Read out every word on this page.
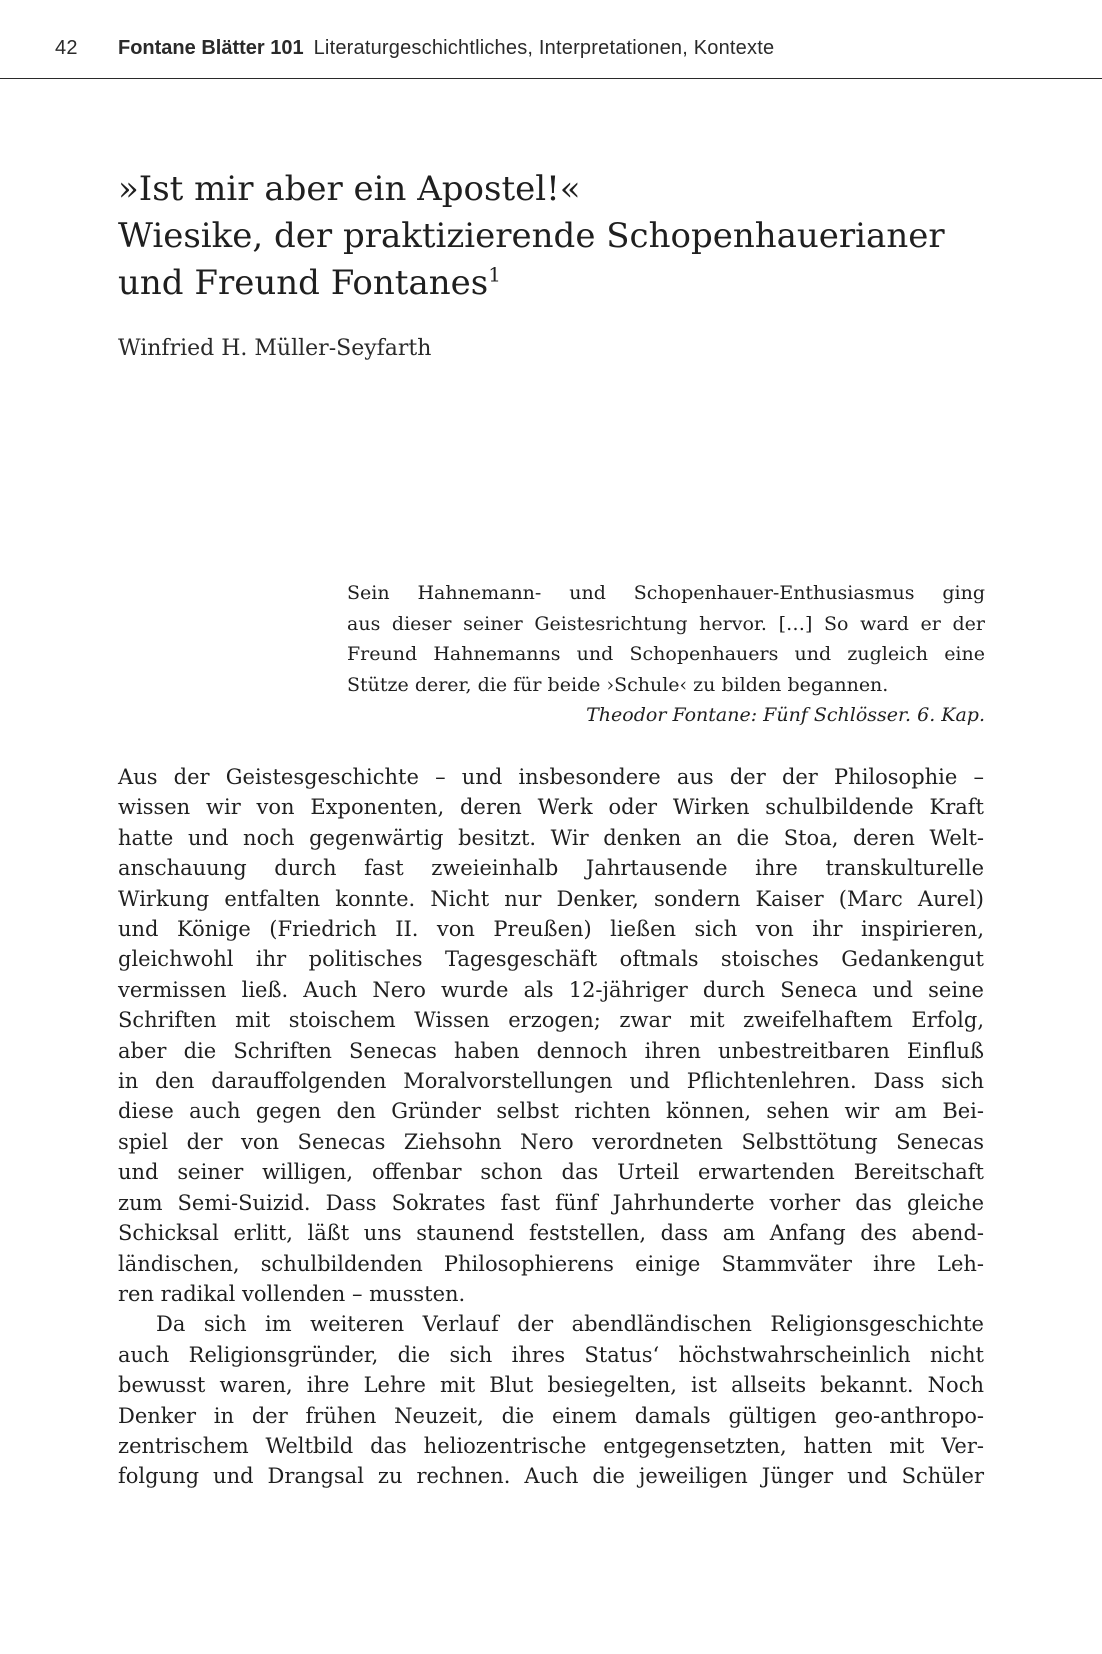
42 Fontane Blätter 101 Literaturgeschichtliches, Interpretationen, Kontexte
»Ist mir aber ein Apostel!«
Wiesike, der praktizierende Schopenhauerianer
und Freund Fontanes$^1$
Winfried H. Müller-Seyfarth
Sein Hahnemann- und Schopenhauer-Enthusiasmus ging
aus dieser seiner Geistesrichtung hervor. […] So ward er der
Freund Hahnemanns und Schopenhauers und zugleich eine
Stütze derer, die für beide ›Schule‹ zu bilden begannen.
Theodor Fontane: Fünf Schlösser. 6. Kap.
Aus der Geistesgeschichte – und insbesondere aus der der Philosophie –
wissen wir von Exponenten, deren Werk oder Wirken schulbildende Kraft
hatte und noch gegenwärtig besitzt. Wir denken an die Stoa, deren Welt-
anschauung durch fast zweieinhalb Jahrtausende ihre transkulturelle
Wirkung entfalten konnte. Nicht nur Denker, sondern Kaiser (Marc Aurel)
und Könige (Friedrich II. von Preußen) ließen sich von ihr inspirieren,
gleichwohl ihr politisches Tagesgeschäft oftmals stoisches Gedankengut
vermissen ließ. Auch Nero wurde als 12-jähriger durch Seneca und seine
Schriften mit stoischem Wissen erzogen; zwar mit zweifelhaftem Erfolg,
aber die Schriften Senecas haben dennoch ihren unbestreitbaren Einfluß
in den darauffolgenden Moralvorstellungen und Pflichtenlehren. Dass sich
diese auch gegen den Gründer selbst richten können, sehen wir am Bei-
spiel der von Senecas Ziehsohn Nero verordneten Selbsttötung Senecas
und seiner willigen, offenbar schon das Urteil erwartenden Bereitschaft
zum Semi-Suizid. Dass Sokrates fast fünf Jahrhunderte vorher das gleiche
Schicksal erlitt, läßt uns staunend feststellen, dass am Anfang des abend-
ländischen, schulbildenden Philosophierens einige Stammväter ihre Leh-
ren radikal vollenden – mussten.
Da sich im weiteren Verlauf der abendländischen Religionsgeschichte
auch Religionsgründer, die sich ihres Status‘ höchstwahrscheinlich nicht
bewusst waren, ihre Lehre mit Blut besiegelten, ist allseits bekannt. Noch
Denker in der frühen Neuzeit, die einem damals gültigen geo-anthropo-
zentrischem Weltbild das heliozentrische entgegensetzten, hatten mit Ver-
folgung und Drangsal zu rechnen. Auch die jeweiligen Jünger und Schüler
